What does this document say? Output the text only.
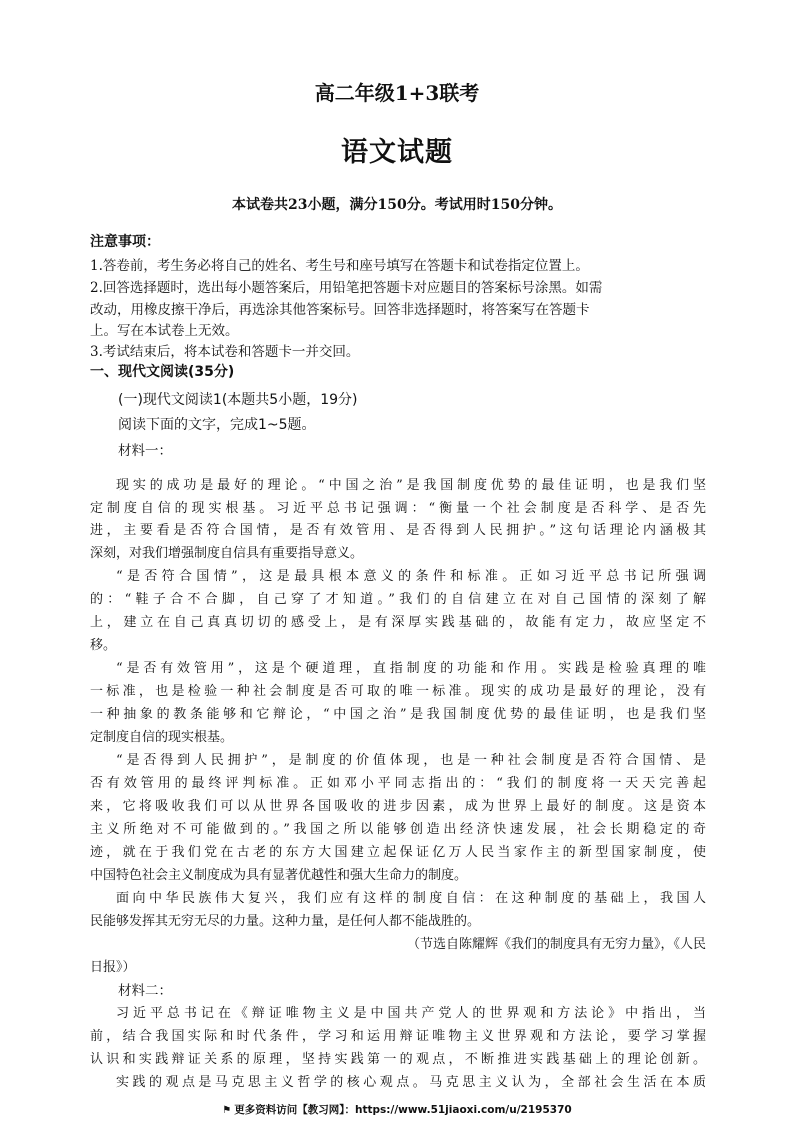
高二年级1+3联考
语文试题

本试卷共23小题，满分150分。考试用时150分钟。

注意事项：

1.答卷前，考生务必将自己的姓名、考生号和座号填写在答题卡和试卷指定位置上。

2.回答选择题时，选出每小题答案后，用铅笔把答题卡对应题目的答案标号涂黑。如需

改动，用橡皮擦干净后，再选涂其他答案标号。回答非选择题时，将答案写在答题卡

上。写在本试卷上无效。

3.考试结束后，将本试卷和答题卡一并交回。

一、现代文阅读(35分)

(一)现代文阅读1(本题共5小题，19分)

阅读下面的文字，完成1~5题。

材料一：

现实的成功是最好的理论。“中国之治”是我国制度优势的最佳证明，也是我们坚

定制度自信的现实根基。习近平总书记强调：“衡量一个社会制度是否科学、是否先

进，主要看是否符合国情，是否有效管用、是否得到人民拥护。”这句话理论内涵极其

深刻，对我们增强制度自信具有重要指导意义。

“是否符合国情”，这是最具根本意义的条件和标准。正如习近平总书记所强调

的：“鞋子合不合脚，自己穿了才知道。”我们的自信建立在对自己国情的深刻了解

上，建立在自己真真切切的感受上，是有深厚实践基础的，故能有定力，故应坚定不

移。

“是否有效管用”，这是个硬道理，直指制度的功能和作用。实践是检验真理的唯

一标准，也是检验一种社会制度是否可取的唯一标准。现实的成功是最好的理论，没有

一种抽象的教条能够和它辩论，“中国之治”是我国制度优势的最佳证明，也是我们坚

定制度自信的现实根基。

“是否得到人民拥护”，是制度的价值体现，也是一种社会制度是否符合国情、是

否有效管用的最终评判标准。正如邓小平同志指出的：“我们的制度将一天天完善起

来，它将吸收我们可以从世界各国吸收的进步因素，成为世界上最好的制度。这是资本

主义所绝对不可能做到的。”我国之所以能够创造出经济快速发展，社会长期稳定的奇

迹，就在于我们党在古老的东方大国建立起保证亿万人民当家作主的新型国家制度，使

中国特色社会主义制度成为具有显著优越性和强大生命力的制度。

面向中华民族伟大复兴，我们应有这样的制度自信：在这种制度的基础上，我国人

民能够发挥其无穷无尽的力量。这种力量，是任何人都不能战胜的。

（节选自陈耀辉《我们的制度具有无穷力量》，《人民

日报》）

材料二：

习近平总书记在《辩证唯物主义是中国共产党人的世界观和方法论》中指出，当

前，结合我国实际和时代条件，学习和运用辩证唯物主义世界观和方法论，要学习掌握

认识和实践辩证关系的原理，坚持实践第一的观点，不断推进实践基础上的理论创新。

实践的观点是马克思主义哲学的核心观点。马克思主义认为，全部社会生活在本质

⚑ 更多资料访问【教习网】：https://www.51jiaoxi.com/u/2195370
